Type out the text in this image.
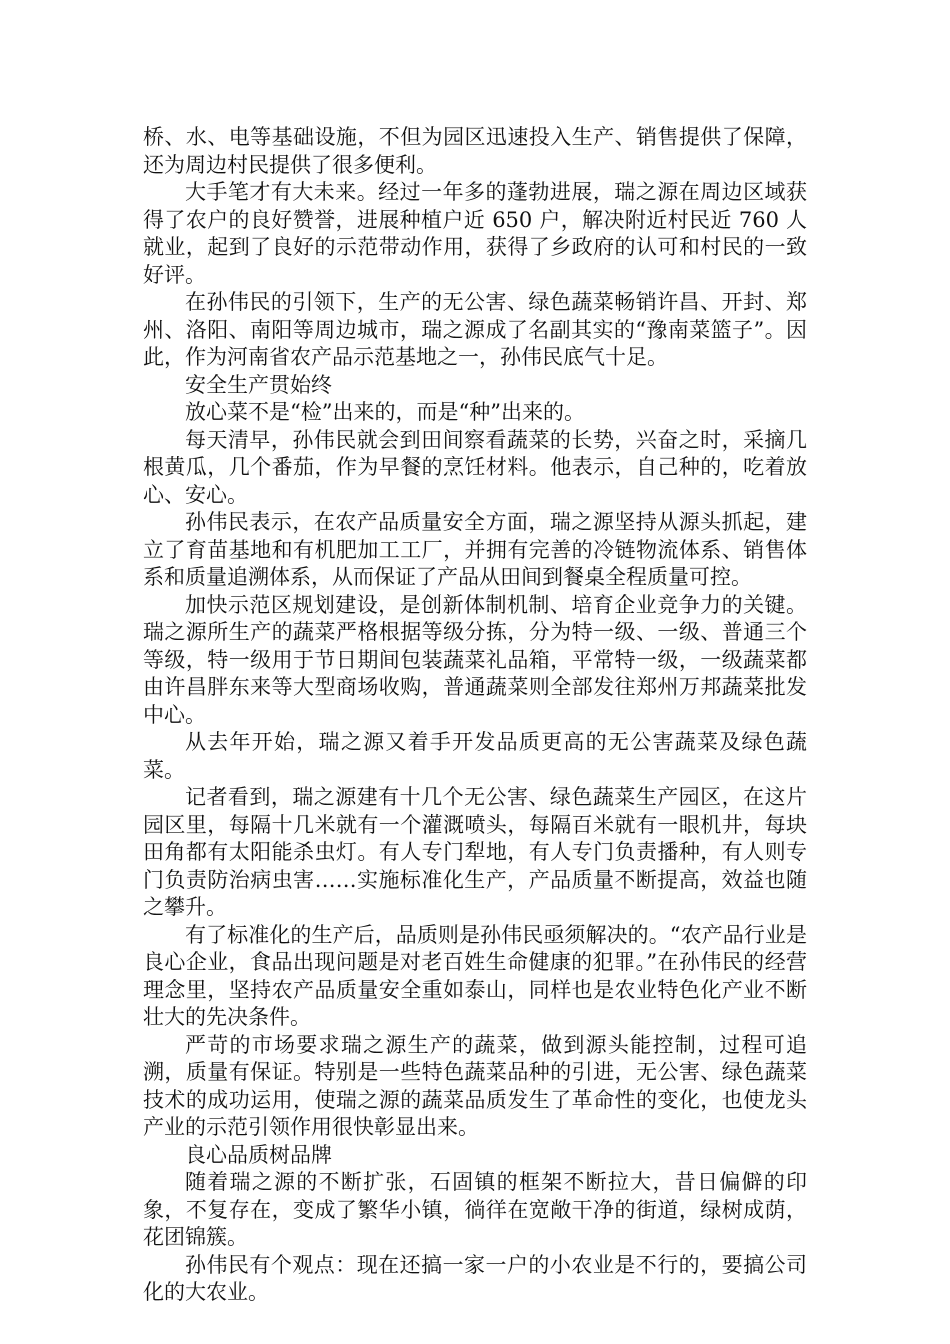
桥、水、电等基础设施，不但为园区迅速投入生产、销售提供了保障，还为周边村民提供了很多便利。

大手笔才有大未来。经过一年多的蓬勃进展，瑞之源在周边区域获得了农户的良好赞誉，进展种植户近 650 户，解决附近村民近 760 人就业，起到了良好的示范带动作用，获得了乡政府的认可和村民的一致好评。

在孙伟民的引领下，生产的无公害、绿色蔬菜畅销许昌、开封、郑州、洛阳、南阳等周边城市，瑞之源成了名副其实的“豫南菜篮子”。因此，作为河南省农产品示范基地之一，孙伟民底气十足。

安全生产贯始终

放心菜不是“检”出来的，而是“种”出来的。

每天清早，孙伟民就会到田间察看蔬菜的长势，兴奋之时，采摘几根黄瓜，几个番茄，作为早餐的烹饪材料。他表示，自己种的，吃着放心、安心。

孙伟民表示，在农产品质量安全方面，瑞之源坚持从源头抓起，建立了育苗基地和有机肥加工工厂，并拥有完善的冷链物流体系、销售体系和质量追溯体系，从而保证了产品从田间到餐桌全程质量可控。

加快示范区规划建设，是创新体制机制、培育企业竞争力的关键。瑞之源所生产的蔬菜严格根据等级分拣，分为特一级、一级、普通三个等级，特一级用于节日期间包装蔬菜礼品箱，平常特一级，一级蔬菜都由许昌胖东来等大型商场收购，普通蔬菜则全部发往郑州万邦蔬菜批发中心。

从去年开始，瑞之源又着手开发品质更高的无公害蔬菜及绿色蔬菜。

记者看到，瑞之源建有十几个无公害、绿色蔬菜生产园区，在这片园区里，每隔十几米就有一个灌溉喷头，每隔百米就有一眼机井，每块田角都有太阳能杀虫灯。有人专门犁地，有人专门负责播种，有人则专门负责防治病虫害……实施标准化生产，产品质量不断提高，效益也随之攀升。

有了标准化的生产后，品质则是孙伟民亟须解决的。“农产品行业是良心企业，食品出现问题是对老百姓生命健康的犯罪。”在孙伟民的经营理念里，坚持农产品质量安全重如泰山，同样也是农业特色化产业不断壮大的先决条件。

严苛的市场要求瑞之源生产的蔬菜，做到源头能控制，过程可追溯，质量有保证。特别是一些特色蔬菜品种的引进，无公害、绿色蔬菜技术的成功运用，使瑞之源的蔬菜品质发生了革命性的变化，也使龙头产业的示范引领作用很快彰显出来。

良心品质树品牌

随着瑞之源的不断扩张，石固镇的框架不断拉大，昔日偏僻的印象，不复存在，变成了繁华小镇，徜徉在宽敞干净的街道，绿树成荫，花团锦簇。

孙伟民有个观点：现在还搞一家一户的小农业是不行的，要搞公司化的大农业。
